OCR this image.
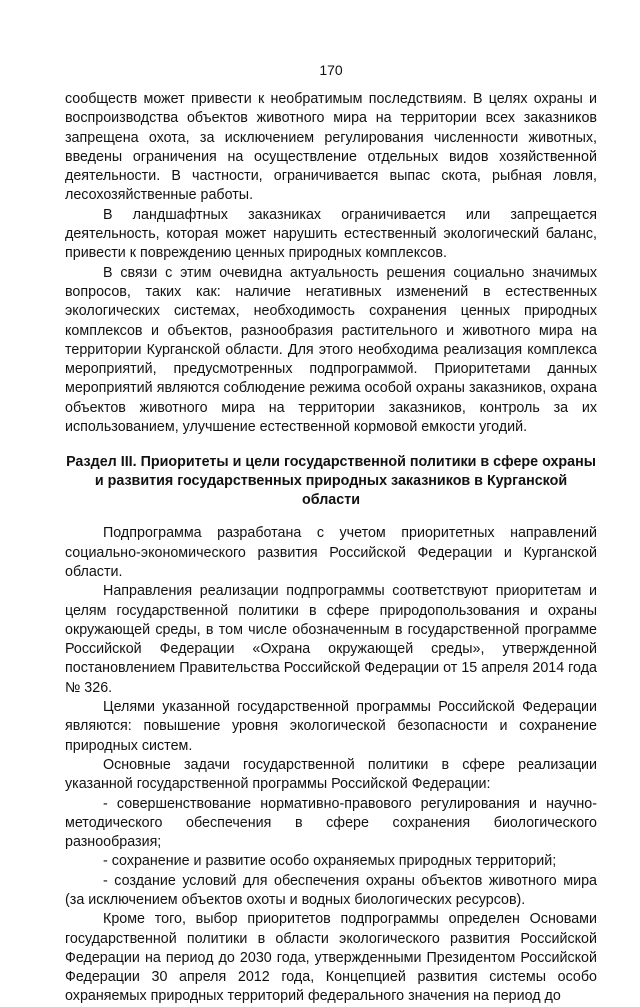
170

сообществ может привести к необратимым последствиям. В целях охраны и воспроизводства объектов животного мира на территории всех заказников запрещена охота, за исключением регулирования численности животных, введены ограничения на осуществление отдельных видов хозяйственной деятельности. В частности, ограничивается выпас скота, рыбная ловля, лесохозяйственные работы.

В ландшафтных заказниках ограничивается или запрещается деятельность, которая может нарушить естественный экологический баланс, привести к повреждению ценных природных комплексов.

В связи с этим очевидна актуальность решения социально значимых вопросов, таких как: наличие негативных изменений в естественных экологических системах, необходимость сохранения ценных природных комплексов и объектов, разнообразия растительного и животного мира на территории Курганской области. Для этого необходима реализация комплекса мероприятий, предусмотренных подпрограммой. Приоритетами данных мероприятий являются соблюдение режима особой охраны заказников, охрана объектов животного мира на территории заказников, контроль за их использованием, улучшение естественной кормовой емкости угодий.

Раздел III. Приоритеты и цели государственной политики в сфере охраны и развития государственных природных заказников в Курганской области

Подпрограмма разработана с учетом приоритетных направлений социально-экономического развития Российской Федерации и Курганской области.

Направления реализации подпрограммы соответствуют приоритетам и целям государственной политики в сфере природопользования и охраны окружающей среды, в том числе обозначенным в государственной программе Российской Федерации «Охрана окружающей среды», утвержденной постановлением Правительства Российской Федерации от 15 апреля 2014 года № 326.

Целями указанной государственной программы Российской Федерации являются: повышение уровня экологической безопасности и сохранение природных систем.

Основные задачи государственной политики в сфере реализации указанной государственной программы Российской Федерации:

- совершенствование нормативно-правового регулирования и научно-методического обеспечения в сфере сохранения биологического разнообразия;

- сохранение и развитие особо охраняемых природных территорий;

- создание условий для обеспечения охраны объектов животного мира (за исключением объектов охоты и водных биологических ресурсов).

Кроме того, выбор приоритетов подпрограммы определен Основами государственной политики в области экологического развития Российской Федерации на период до 2030 года, утвержденными Президентом Российской Федерации 30 апреля 2012 года, Концепцией развития системы особо охраняемых природных территорий федерального значения на период до
